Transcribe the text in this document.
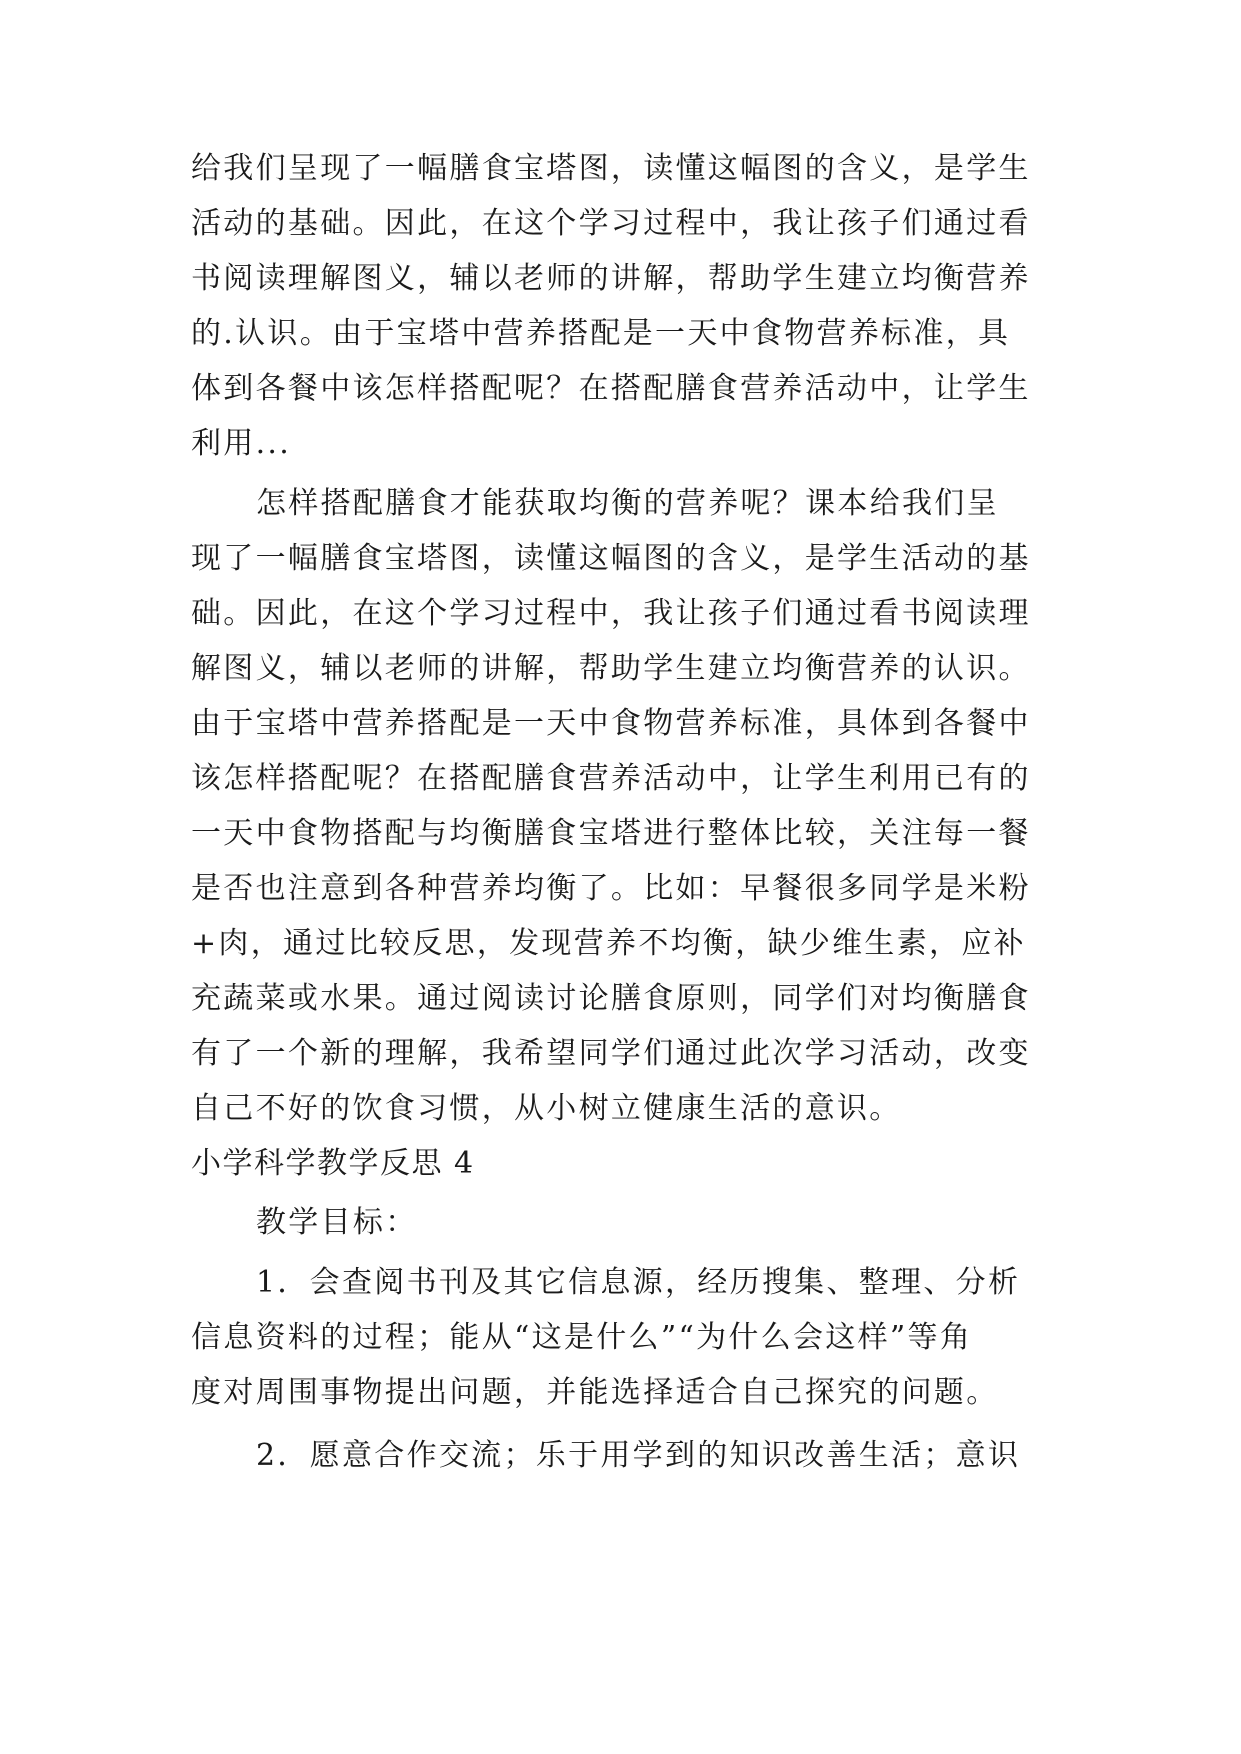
给我们呈现了一幅膳食宝塔图，读懂这幅图的含义，是学生
活动的基础。因此，在这个学习过程中，我让孩子们通过看
书阅读理解图义，辅以老师的讲解，帮助学生建立均衡营养
的.认识。由于宝塔中营养搭配是一天中食物营养标准，具
体到各餐中该怎样搭配呢？在搭配膳食营养活动中，让学生
利用...
怎样搭配膳食才能获取均衡的营养呢？课本给我们呈
现了一幅膳食宝塔图，读懂这幅图的含义，是学生活动的基
础。因此，在这个学习过程中，我让孩子们通过看书阅读理
解图义，辅以老师的讲解，帮助学生建立均衡营养的认识。
由于宝塔中营养搭配是一天中食物营养标准，具体到各餐中
该怎样搭配呢？在搭配膳食营养活动中，让学生利用已有的
一天中食物搭配与均衡膳食宝塔进行整体比较，关注每一餐
是否也注意到各种营养均衡了。比如：早餐很多同学是米粉
+肉，通过比较反思，发现营养不均衡，缺少维生素，应补
充蔬菜或水果。通过阅读讨论膳食原则，同学们对均衡膳食
有了一个新的理解，我希望同学们通过此次学习活动，改变
自己不好的饮食习惯，从小树立健康生活的意识。
小学科学教学反思 4
教学目标：
1．会查阅书刊及其它信息源，经历搜集、整理、分析
信息资料的过程；能从“这是什么”“为什么会这样”等角
度对周围事物提出问题，并能选择适合自己探究的问题。
2．愿意合作交流；乐于用学到的知识改善生活；意识
